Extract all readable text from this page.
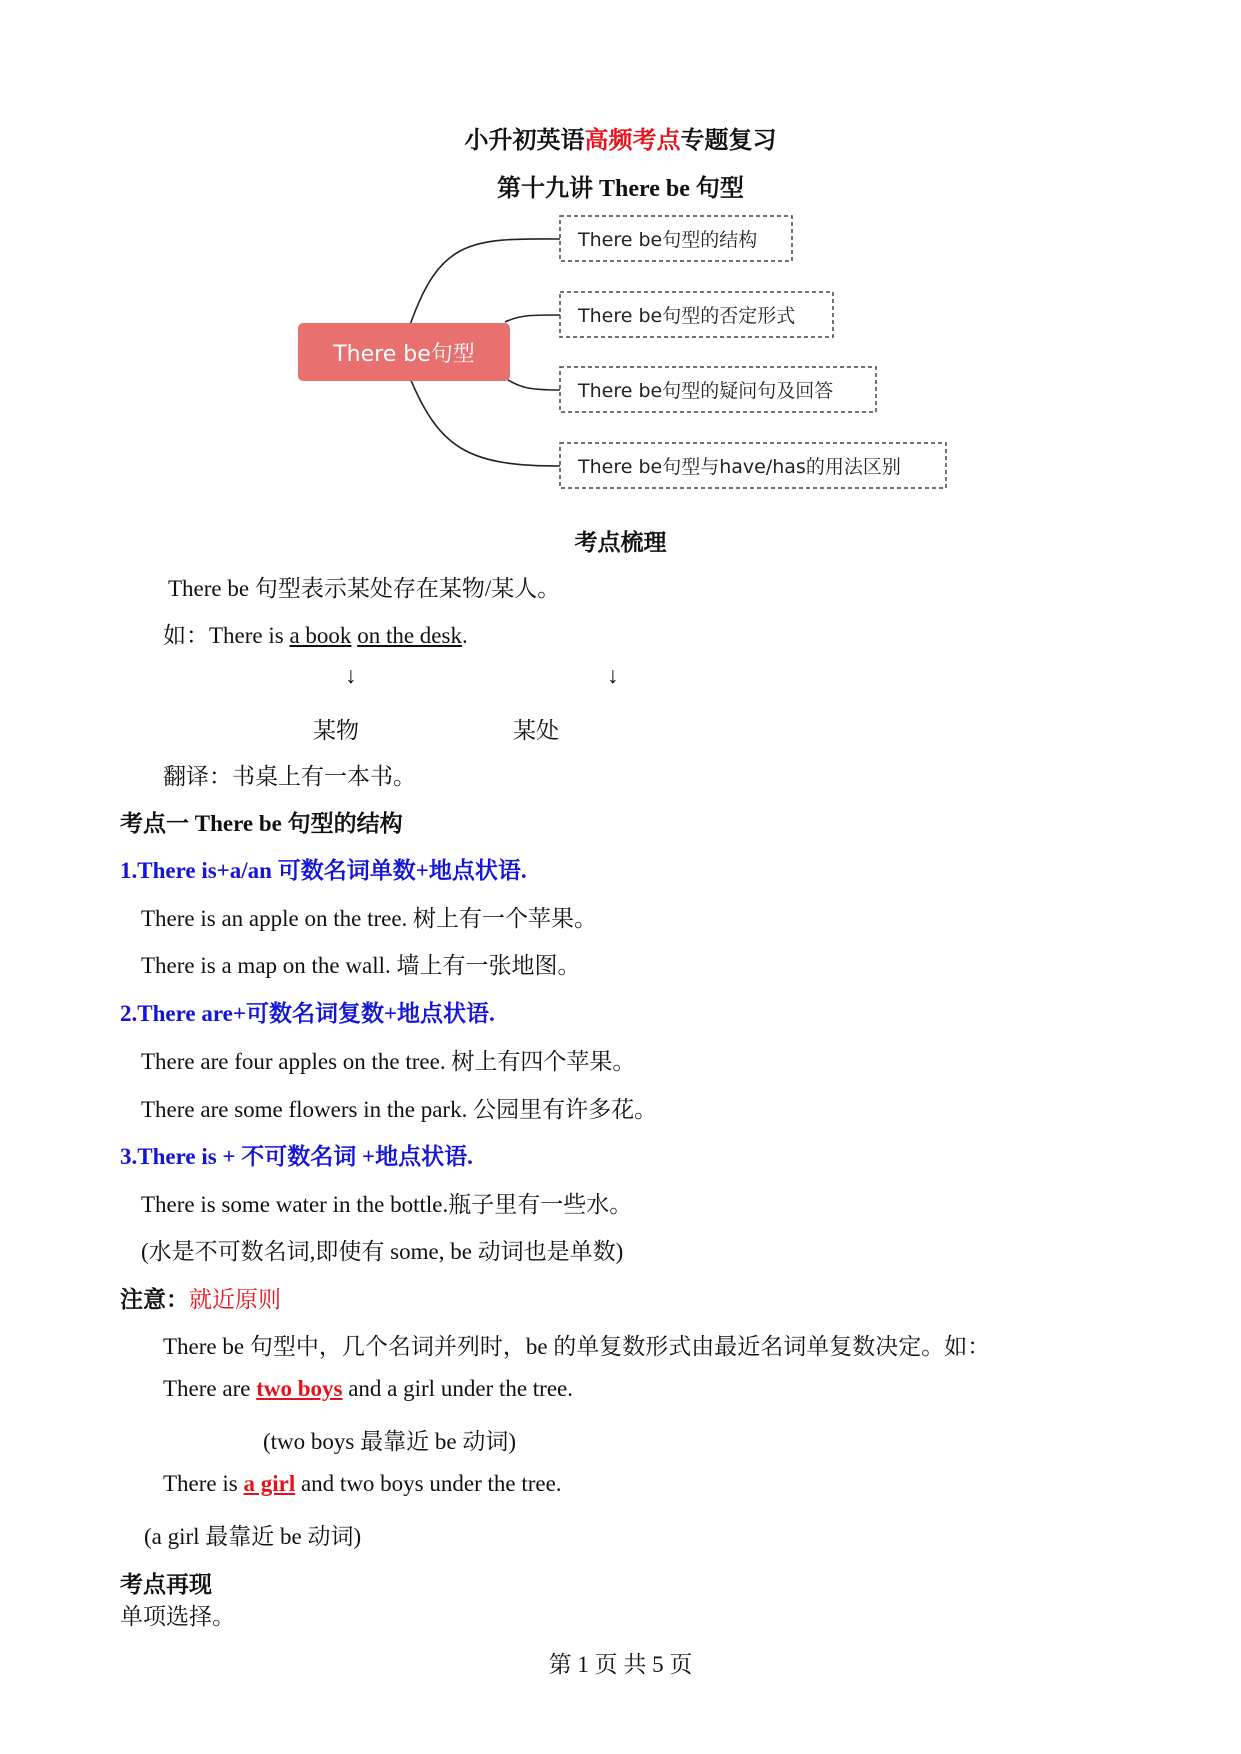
小升初英语高频考点专题复习
第十九讲 There be 句型
There be句型
There be句型的结构
There be句型的否定形式
There be句型的疑问句及回答
There be句型与have/has的用法区别
考点梳理
There be 句型表示某处存在某物/某人。
如：There is a book on the desk.
↓	↓
某物	某处
翻译：书桌上有一本书。
考点一 There be 句型的结构
1.There is+a/an 可数名词单数+地点状语.
There is an apple on the tree. 树上有一个苹果。
There is a map on the wall. 墙上有一张地图。
2.There are+可数名词复数+地点状语.
There are four apples on the tree. 树上有四个苹果。
There are some flowers in the park. 公园里有许多花。
3.There is + 不可数名词 +地点状语.
There is some water in the bottle.瓶子里有一些水。
(水是不可数名词,即使有 some, be 动词也是单数)
注意：就近原则
There be 句型中，几个名词并列时，be 的单复数形式由最近名词单复数决定。如：
There are two boys and a girl under the tree.
(two boys 最靠近 be 动词)
There is a girl and two boys under the tree.
(a girl 最靠近 be 动词)
考点再现
单项选择。
第 1 页 共 5 页
